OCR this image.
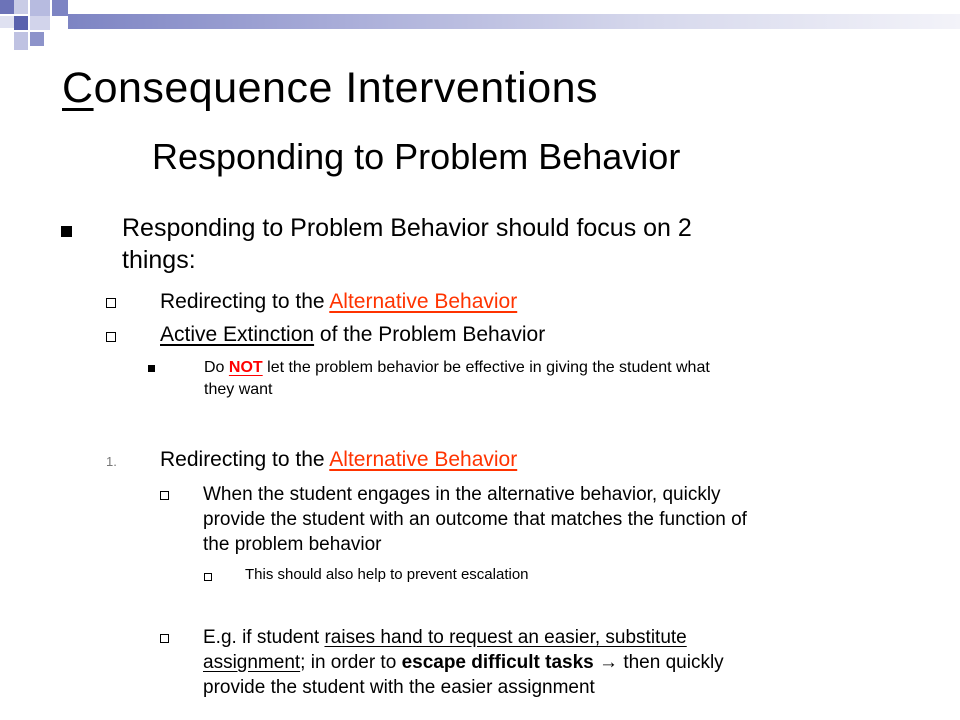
Consequence Interventions
Responding to Problem Behavior
Responding to Problem Behavior should focus on 2
things:
Redirecting to the Alternative Behavior
Active Extinction of the Problem Behavior
Do NOT let the problem behavior be effective in giving the student what
they want
1. Redirecting to the Alternative Behavior
When the student engages in the alternative behavior, quickly
provide the student with an outcome that matches the function of
the problem behavior
This should also help to prevent escalation
E.g. if student raises hand to request an easier, substitute
assignment; in order to escape difficult tasks → then quickly
provide the student with the easier assignment
